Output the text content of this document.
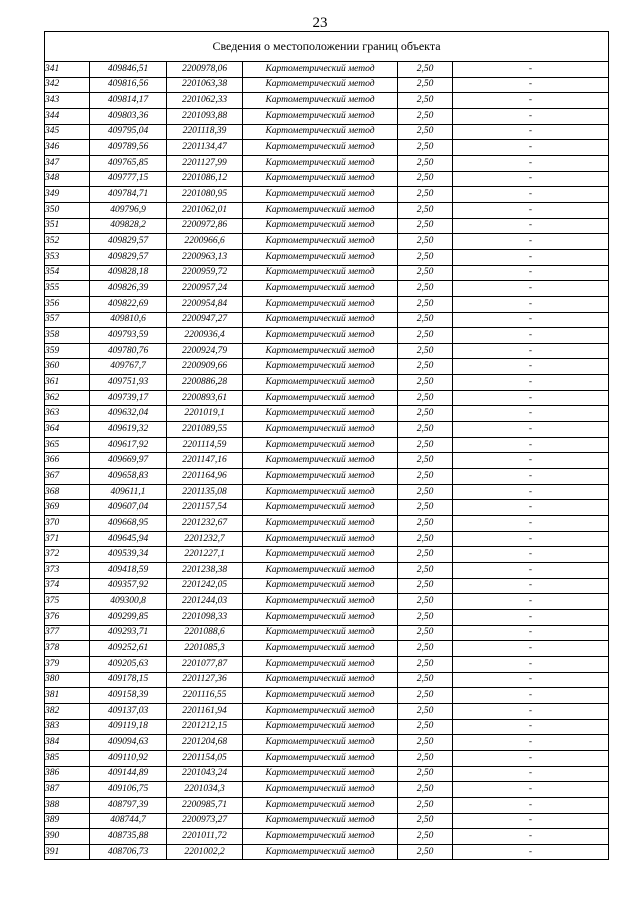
23
Сведения о местоположении границ объекта					
341	409846,51	2200978,06	Картометрический метод	2,50	-
342	409816,56	2201063,38	Картометрический метод	2,50	-
343	409814,17	2201062,33	Картометрический метод	2,50	-
344	409803,36	2201093,88	Картометрический метод	2,50	-
345	409795,04	2201118,39	Картометрический метод	2,50	-
346	409789,56	2201134,47	Картометрический метод	2,50	-
347	409765,85	2201127,99	Картометрический метод	2,50	-
348	409777,15	2201086,12	Картометрический метод	2,50	-
349	409784,71	2201080,95	Картометрический метод	2,50	-
350	409796,9	2201062,01	Картометрический метод	2,50	-
351	409828,2	2200972,86	Картометрический метод	2,50	-
352	409829,57	2200966,6	Картометрический метод	2,50	-
353	409829,57	2200963,13	Картометрический метод	2,50	-
354	409828,18	2200959,72	Картометрический метод	2,50	-
355	409826,39	2200957,24	Картометрический метод	2,50	-
356	409822,69	2200954,84	Картометрический метод	2,50	-
357	409810,6	2200947,27	Картометрический метод	2,50	-
358	409793,59	2200936,4	Картометрический метод	2,50	-
359	409780,76	2200924,79	Картометрический метод	2,50	-
360	409767,7	2200909,66	Картометрический метод	2,50	-
361	409751,93	2200886,28	Картометрический метод	2,50	-
362	409739,17	2200893,61	Картометрический метод	2,50	-
363	409632,04	2201019,1	Картометрический метод	2,50	-
364	409619,32	2201089,55	Картометрический метод	2,50	-
365	409617,92	2201114,59	Картометрический метод	2,50	-
366	409669,97	2201147,16	Картометрический метод	2,50	-
367	409658,83	2201164,96	Картометрический метод	2,50	-
368	409611,1	2201135,08	Картометрический метод	2,50	-
369	409607,04	2201157,54	Картометрический метод	2,50	-
370	409668,95	2201232,67	Картометрический метод	2,50	-
371	409645,94	2201232,7	Картометрический метод	2,50	-
372	409539,34	2201227,1	Картометрический метод	2,50	-
373	409418,59	2201238,38	Картометрический метод	2,50	-
374	409357,92	2201242,05	Картометрический метод	2,50	-
375	409300,8	2201244,03	Картометрический метод	2,50	-
376	409299,85	2201098,33	Картометрический метод	2,50	-
377	409293,71	2201088,6	Картометрический метод	2,50	-
378	409252,61	2201085,3	Картометрический метод	2,50	-
379	409205,63	2201077,87	Картометрический метод	2,50	-
380	409178,15	2201127,36	Картометрический метод	2,50	-
381	409158,39	2201116,55	Картометрический метод	2,50	-
382	409137,03	2201161,94	Картометрический метод	2,50	-
383	409119,18	2201212,15	Картометрический метод	2,50	-
384	409094,63	2201204,68	Картометрический метод	2,50	-
385	409110,92	2201154,05	Картометрический метод	2,50	-
386	409144,89	2201043,24	Картометрический метод	2,50	-
387	409106,75	2201034,3	Картометрический метод	2,50	-
388	408797,39	2200985,71	Картометрический метод	2,50	-
389	408744,7	2200973,27	Картометрический метод	2,50	-
390	408735,88	2201011,72	Картометрический метод	2,50	-
391	408706,73	2201002,2	Картометрический метод	2,50	-
